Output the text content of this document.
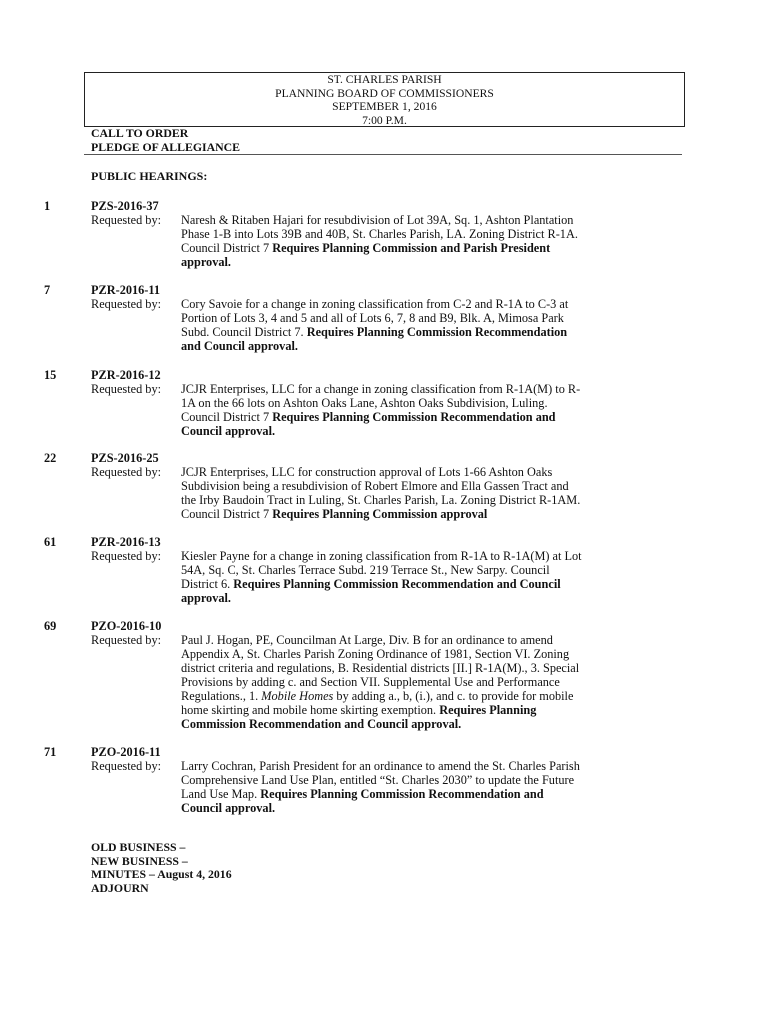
ST. CHARLES PARISH
PLANNING BOARD OF COMMISSIONERS
SEPTEMBER 1, 2016
7:00 P.M.
CALL TO ORDER
PLEDGE OF ALLEGIANCE
PUBLIC HEARINGS:
1	PZS-2016-37
Requested by: Naresh & Ritaben Hajari for resubdivision of Lot 39A, Sq. 1, Ashton Plantation
Phase 1-B into Lots 39B and 40B, St. Charles Parish, LA. Zoning District R-1A.
Council District 7 Requires Planning Commission and Parish President
approval.
7	PZR-2016-11
Requested by: Cory Savoie for a change in zoning classification from C-2 and R-1A to C-3 at
Portion of Lots 3, 4 and 5 and all of Lots 6, 7, 8 and B9, Blk. A, Mimosa Park
Subd. Council District 7. Requires Planning Commission Recommendation
and Council approval.
15	PZR-2016-12
Requested by: JCJR Enterprises, LLC for a change in zoning classification from R-1A(M) to R-
1A on the 66 lots on Ashton Oaks Lane, Ashton Oaks Subdivision, Luling.
Council District 7 Requires Planning Commission Recommendation and
Council approval.
22	PZS-2016-25
Requested by: JCJR Enterprises, LLC for construction approval of Lots 1-66 Ashton Oaks
Subdivision being a resubdivision of Robert Elmore and Ella Gassen Tract and
the Irby Baudoin Tract in Luling, St. Charles Parish, La. Zoning District R-1AM.
Council District 7 Requires Planning Commission approval
61	PZR-2016-13
Requested by: Kiesler Payne for a change in zoning classification from R-1A to R-1A(M) at Lot
54A, Sq. C, St. Charles Terrace Subd. 219 Terrace St., New Sarpy. Council
District 6. Requires Planning Commission Recommendation and Council
approval.
69	PZO-2016-10
Requested by: Paul J. Hogan, PE, Councilman At Large, Div. B for an ordinance to amend
Appendix A, St. Charles Parish Zoning Ordinance of 1981, Section VI. Zoning
district criteria and regulations, B. Residential districts [II.] R-1A(M)., 3. Special
Provisions by adding c. and Section VII. Supplemental Use and Performance
Regulations., 1. Mobile Homes by adding a., b, (i.), and c. to provide for mobile
home skirting and mobile home skirting exemption. Requires Planning
Commission Recommendation and Council approval.
71	PZO-2016-11
Requested by: Larry Cochran, Parish President for an ordinance to amend the St. Charles Parish
Comprehensive Land Use Plan, entitled “St. Charles 2030” to update the Future
Land Use Map. Requires Planning Commission Recommendation and
Council approval.
OLD BUSINESS –
NEW BUSINESS –
MINUTES – August 4, 2016
ADJOURN
